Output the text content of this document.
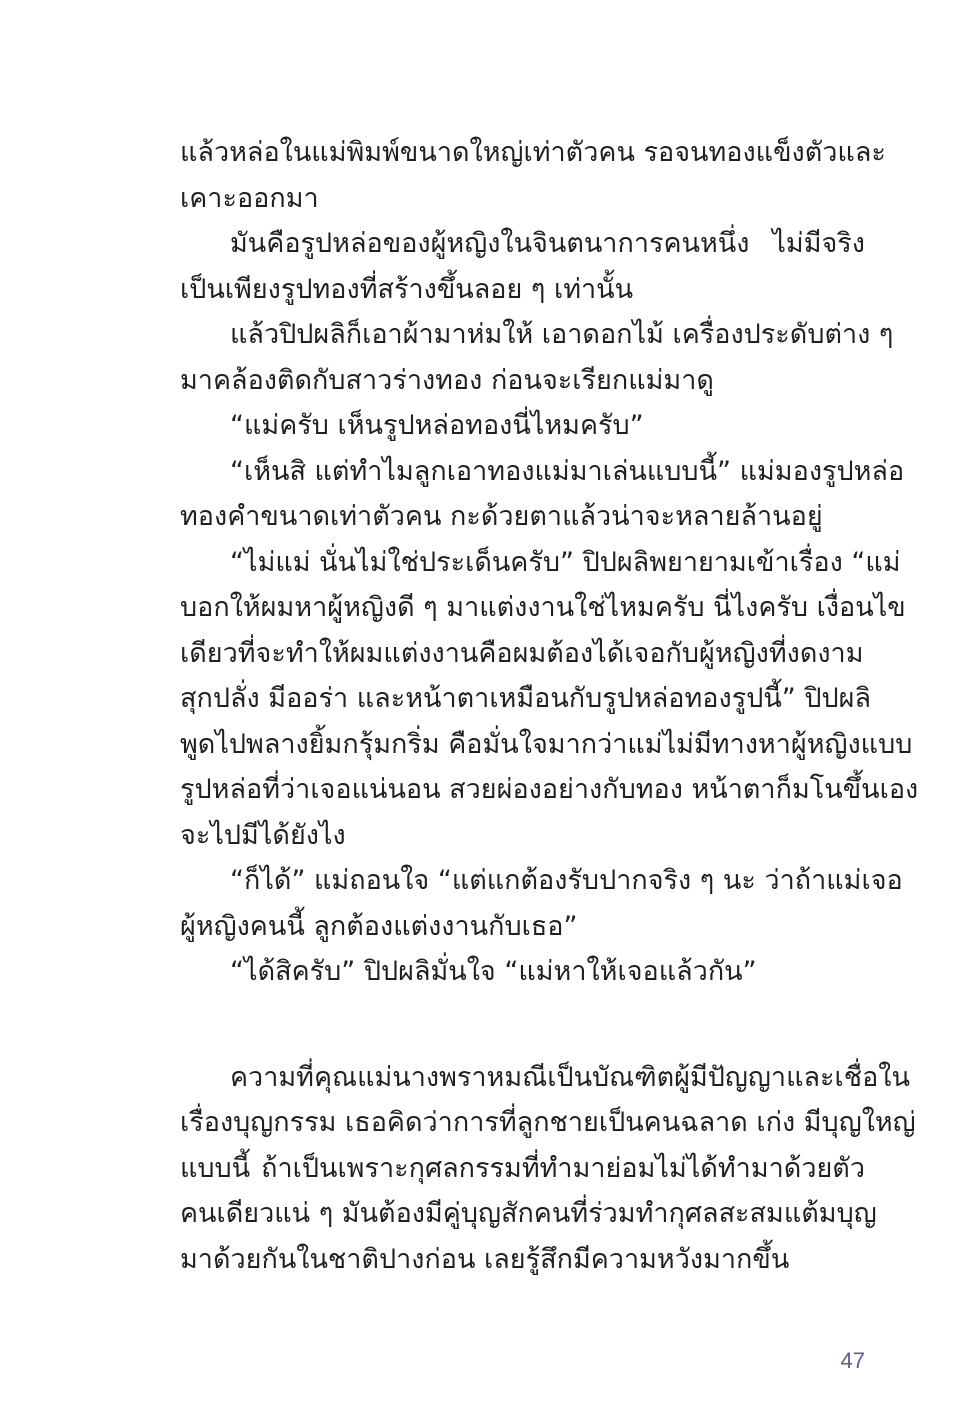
แล้วหล่อในแม่พิมพ์ขนาดใหญ่เท่าตัวคน รอจนทองแข็งตัวและ
เคาะออกมา
มันคือรูปหล่อของผู้หญิงในจินตนาการคนหนึ่ง ไม่มีจริง
เป็นเพียงรูปทองที่สร้างขึ้นลอย ๆ เท่านั้น
แล้วปิปผลิก็เอาผ้ามาห่มให้ เอาดอกไม้ เครื่องประดับต่าง ๆ
มาคล้องติดกับสาวร่างทอง ก่อนจะเรียกแม่มาดู
“แม่ครับ เห็นรูปหล่อทองนี่ไหมครับ”
“เห็นสิ แต่ทำไมลูกเอาทองแม่มาเล่นแบบนี้” แม่มองรูปหล่อ
ทองคำขนาดเท่าตัวคน กะด้วยตาแล้วน่าจะหลายล้านอยู่
“ไม่แม่ นั่นไม่ใช่ประเด็นครับ” ปิปผลิพยายามเข้าเรื่อง “แม่
บอกให้ผมหาผู้หญิงดี ๆ มาแต่งงานใช่ไหมครับ นี่ไงครับ เงื่อนไข
เดียวที่จะทำให้ผมแต่งงานคือผมต้องได้เจอกับผู้หญิงที่งดงาม
สุกปลั่ง มีออร่า และหน้าตาเหมือนกับรูปหล่อทองรูปนี้” ปิปผลิ
พูดไปพลางยิ้มกรุ้มกริ่ม คือมั่นใจมากว่าแม่ไม่มีทางหาผู้หญิงแบบ
รูปหล่อที่ว่าเจอแน่นอน สวยผ่องอย่างกับทอง หน้าตาก็มโนขึ้นเอง
จะไปมีได้ยังไง
“ก็ได้” แม่ถอนใจ “แต่แกต้องรับปากจริง ๆ นะ ว่าถ้าแม่เจอ
ผู้หญิงคนนี้ ลูกต้องแต่งงานกับเธอ”
“ได้สิครับ” ปิปผลิมั่นใจ “แม่หาให้เจอแล้วกัน”
ความที่คุณแม่นางพราหมณีเป็นบัณฑิตผู้มีปัญญาและเชื่อใน
เรื่องบุญกรรม เธอคิดว่าการที่ลูกชายเป็นคนฉลาด เก่ง มีบุญใหญ่
แบบนี้ ถ้าเป็นเพราะกุศลกรรมที่ทำมาย่อมไม่ได้ทำมาด้วยตัว
คนเดียวแน่ ๆ มันต้องมีคู่บุญสักคนที่ร่วมทำกุศลสะสมแต้มบุญ
มาด้วยกันในชาติปางก่อน เลยรู้สึกมีความหวังมากขึ้น
47
